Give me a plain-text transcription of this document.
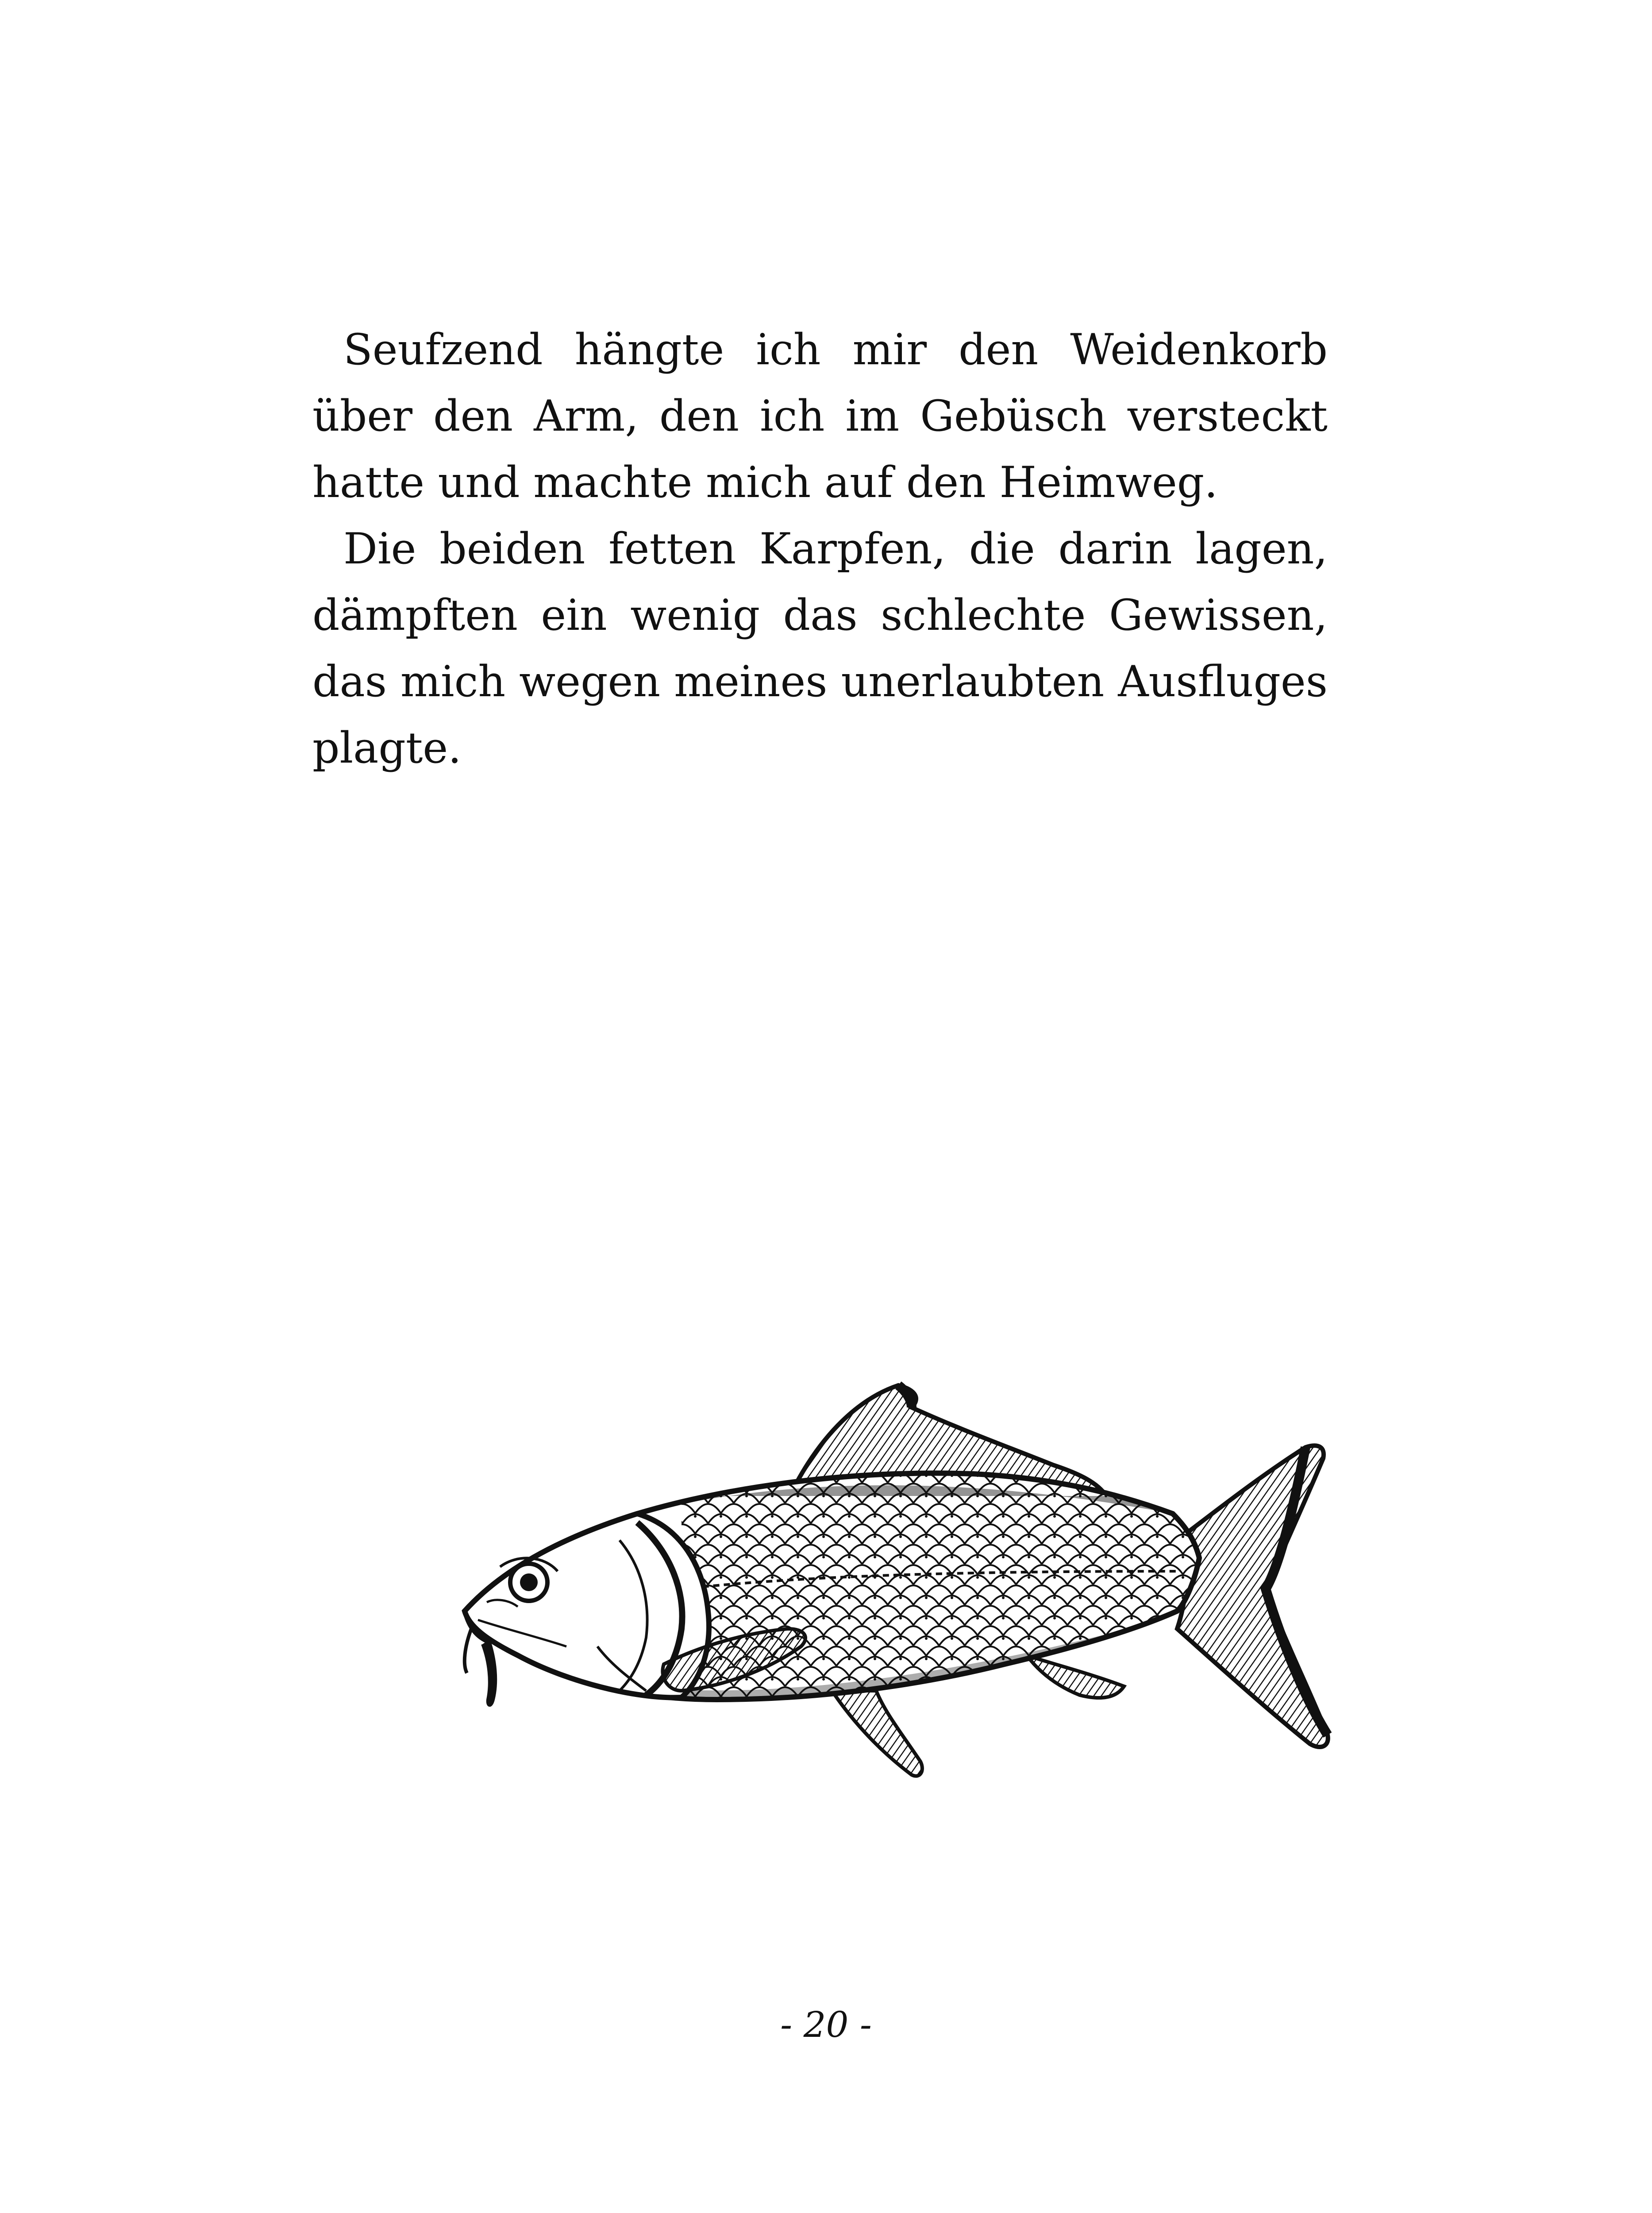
Seufzend hängte ich mir den Weidenkorb über den Arm, den ich im Gebüsch versteckt hatte und machte mich auf den Heimweg.

Die beiden fetten Karpfen, die darin lagen, dämpften ein wenig das schlechte Gewissen, das mich wegen meines unerlaubten Ausfluges plagte.

- 20 -
